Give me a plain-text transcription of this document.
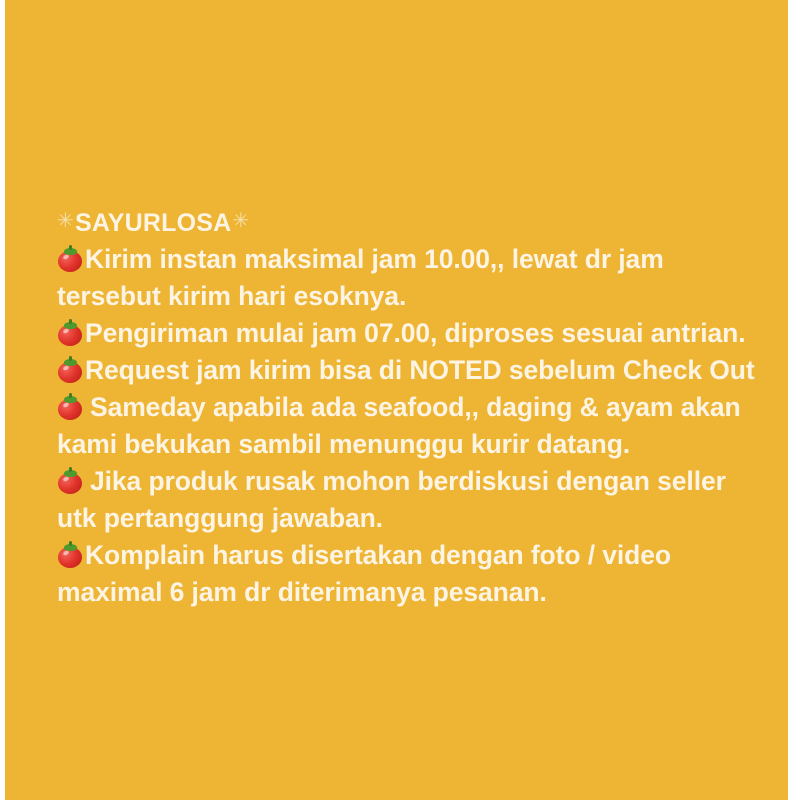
✳ SAYURLOSA ✳
Kirim instan maksimal jam 10.00,, lewat dr jam
tersebut kirim hari esoknya.
Pengiriman mulai jam 07.00, diproses sesuai antrian.
Request jam kirim bisa di NOTED sebelum Check Out
Sameday apabila ada seafood,, daging & ayam akan
kami bekukan sambil menunggu kurir datang.
Jika produk rusak mohon berdiskusi dengan seller
utk pertanggung jawaban.
Komplain harus disertakan dengan foto / video
maximal 6 jam dr diterimanya pesanan.
